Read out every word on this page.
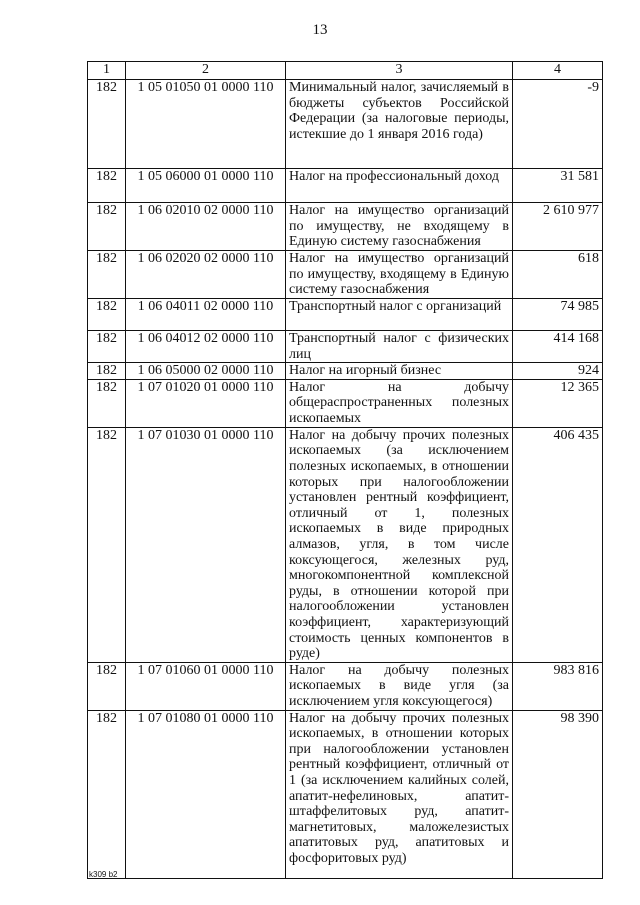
13
1	2	3	4
182	1 05 01050 01 0000 110	Минимальный налог, зачисляемый в бюджеты субъектов Российской Федерации (за налоговые периоды, истекшие до 1 января 2016 года)	-9
182	1 05 06000 01 0000 110	Налог на профессиональный доход	31 581
182	1 06 02010 02 0000 110	Налог на имущество организаций по имуществу, не входящему в Единую систему газоснабжения	2 610 977
182	1 06 02020 02 0000 110	Налог на имущество организаций по имуществу, входящему в Единую систему газоснабжения	618
182	1 06 04011 02 0000 110	Транспортный налог с организаций	74 985
182	1 06 04012 02 0000 110	Транспортный налог с физических лиц	414 168
182	1 06 05000 02 0000 110	Налог на игорный бизнес	924
182	1 07 01020 01 0000 110	Налог на добычу общераспространенных полезных ископаемых	12 365
182	1 07 01030 01 0000 110	Налог на добычу прочих полезных ископаемых (за исключением полезных ископаемых, в отношении которых при налогообложении установлен рентный коэффициент, отличный от 1, полезных ископаемых в виде природных алмазов, угля, в том числе коксующегося, железных руд, многокомпонентной комплексной руды, в отношении которой при налогообложении установлен коэффициент, характеризующий стоимость ценных компонентов в руде)	406 435
182	1 07 01060 01 0000 110	Налог на добычу полезных ископаемых в виде угля (за исключением угля коксующегося)	983 816
182	1 07 01080 01 0000 110	Налог на добычу прочих полезных ископаемых, в отношении которых при налогообложении установлен рентный коэффициент, отличный от 1 (за исключением калийных солей, апатит-нефелиновых, апатит-штаффелитовых руд, апатит-магнетитовых, маложелезистых апатитовых руд, апатитовых и фосфоритовых руд)	98 390
k309 b2
